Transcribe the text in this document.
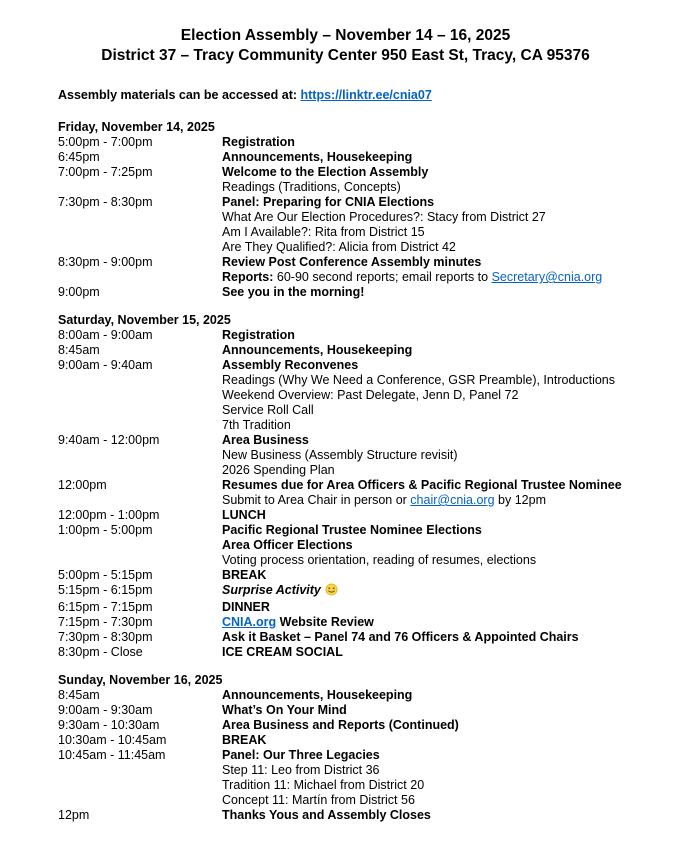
Election Assembly – November 14 – 16, 2025
District 37 – Tracy Community Center 950 East St, Tracy, CA 95376
Assembly materials can be accessed at: https://linktr.ee/cnia07
Friday, November 14, 2025
5:00pm - 7:00pm	Registration
6:45pm	Announcements, Housekeeping
7:00pm - 7:25pm	Welcome to the Election Assembly
Readings (Traditions, Concepts)
7:30pm - 8:30pm	Panel: Preparing for CNIA Elections
What Are Our Election Procedures?: Stacy from District 27
Am I Available?: Rita from District 15
Are They Qualified?: Alicia from District 42
8:30pm - 9:00pm	Review Post Conference Assembly minutes
Reports: 60-90 second reports; email reports to Secretary@cnia.org
9:00pm	See you in the morning!
Saturday, November 15, 2025
8:00am - 9:00am	Registration
8:45am	Announcements, Housekeeping
9:00am - 9:40am	Assembly Reconvenes
Readings (Why We Need a Conference, GSR Preamble), Introductions
Weekend Overview: Past Delegate, Jenn D, Panel 72
Service Roll Call
7th Tradition
9:40am - 12:00pm	Area Business
New Business (Assembly Structure revisit)
2026 Spending Plan
12:00pm	Resumes due for Area Officers & Pacific Regional Trustee Nominee
Submit to Area Chair in person or chair@cnia.org by 12pm
12:00pm - 1:00pm	LUNCH
1:00pm - 5:00pm	Pacific Regional Trustee Nominee Elections
Area Officer Elections
Voting process orientation, reading of resumes, elections
5:00pm - 5:15pm	BREAK
5:15pm - 6:15pm	Surprise Activity
6:15pm - 7:15pm	DINNER
7:15pm - 7:30pm	CNIA.org Website Review
7:30pm - 8:30pm	Ask it Basket – Panel 74 and 76 Officers & Appointed Chairs
8:30pm - Close	ICE CREAM SOCIAL
Sunday, November 16, 2025
8:45am	Announcements, Housekeeping
9:00am - 9:30am	What’s On Your Mind
9:30am - 10:30am	Area Business and Reports (Continued)
10:30am - 10:45am	BREAK
10:45am - 11:45am	Panel: Our Three Legacies
Step 11: Leo from District 36
Tradition 11: Michael from District 20
Concept 11: Martín from District 56
12pm	Thanks Yous and Assembly Closes
